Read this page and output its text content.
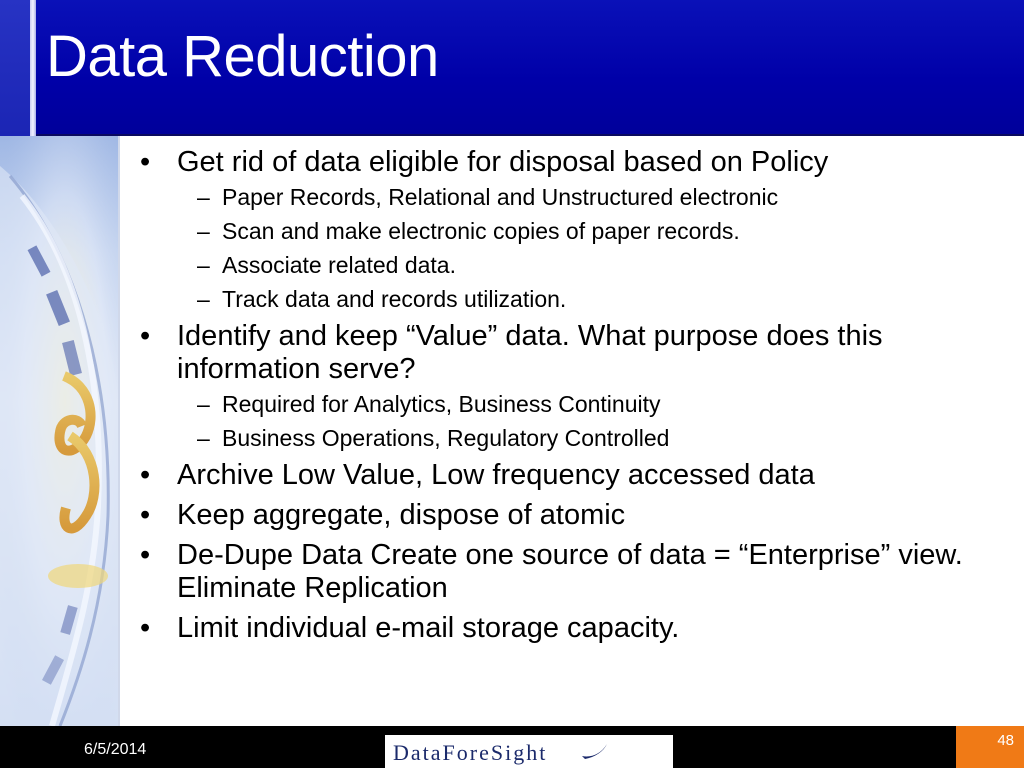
Data Reduction
• Get rid of data eligible for disposal based on Policy
– Paper Records, Relational and Unstructured electronic
– Scan and make electronic copies of paper records.
– Associate related data.
– Track data and records utilization.
• Identify and keep “Value” data. What purpose does this information serve?
– Required for Analytics, Business Continuity
– Business Operations, Regulatory Controlled
• Archive Low Value, Low frequency accessed data
• Keep aggregate, dispose of atomic
• De-Dupe Data Create one source of data = “Enterprise” view. Eliminate Replication
• Limit individual e-mail storage capacity.
6/5/2014	DataForeSight	48
